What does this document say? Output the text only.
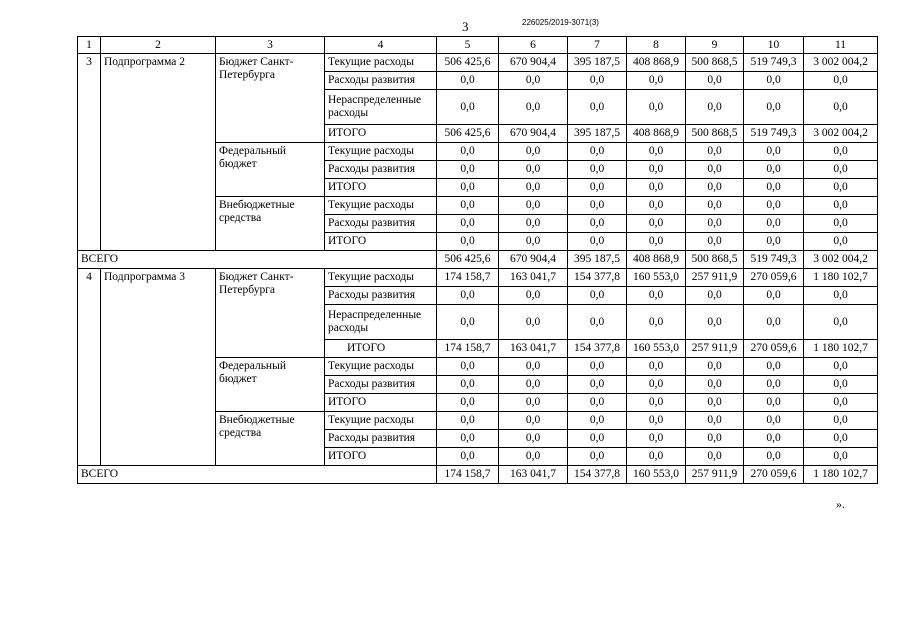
3	226025/2019-3071(3)
1	2	3	4	5	6	7	8	9	10	11
3	Подпрограмма 2	Бюджет Санкт-Петербурга	Текущие расходы	506 425,6	670 904,4	395 187,5	408 868,9	500 868,5	519 749,3	3 002 004,2
			Расходы развития	0,0	0,0	0,0	0,0	0,0	0,0	0,0
			Нераспределенные расходы	0,0	0,0	0,0	0,0	0,0	0,0	0,0
			ИТОГО	506 425,6	670 904,4	395 187,5	408 868,9	500 868,5	519 749,3	3 002 004,2
		Федеральный бюджет	Текущие расходы	0,0	0,0	0,0	0,0	0,0	0,0	0,0
			Расходы развития	0,0	0,0	0,0	0,0	0,0	0,0	0,0
			ИТОГО	0,0	0,0	0,0	0,0	0,0	0,0	0,0
		Внебюджетные средства	Текущие расходы	0,0	0,0	0,0	0,0	0,0	0,0	0,0
			Расходы развития	0,0	0,0	0,0	0,0	0,0	0,0	0,0
			ИТОГО	0,0	0,0	0,0	0,0	0,0	0,0	0,0
ВСЕГО				506 425,6	670 904,4	395 187,5	408 868,9	500 868,5	519 749,3	3 002 004,2
4	Подпрограмма 3	Бюджет Санкт-Петербурга	Текущие расходы	174 158,7	163 041,7	154 377,8	160 553,0	257 911,9	270 059,6	1 180 102,7
			Расходы развития	0,0	0,0	0,0	0,0	0,0	0,0	0,0
			Нераспределенные расходы	0,0	0,0	0,0	0,0	0,0	0,0	0,0
			ИТОГО	174 158,7	163 041,7	154 377,8	160 553,0	257 911,9	270 059,6	1 180 102,7
		Федеральный бюджет	Текущие расходы	0,0	0,0	0,0	0,0	0,0	0,0	0,0
			Расходы развития	0,0	0,0	0,0	0,0	0,0	0,0	0,0
			ИТОГО	0,0	0,0	0,0	0,0	0,0	0,0	0,0
		Внебюджетные средства	Текущие расходы	0,0	0,0	0,0	0,0	0,0	0,0	0,0
			Расходы развития	0,0	0,0	0,0	0,0	0,0	0,0	0,0
			ИТОГО	0,0	0,0	0,0	0,0	0,0	0,0	0,0
ВСЕГО				174 158,7	163 041,7	154 377,8	160 553,0	257 911,9	270 059,6	1 180 102,7
».
